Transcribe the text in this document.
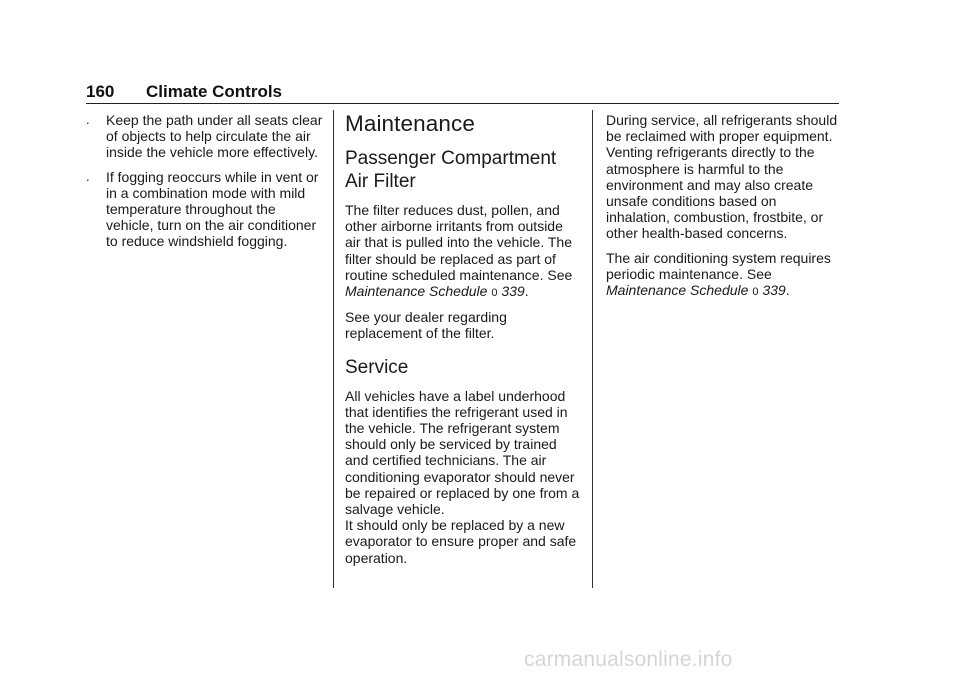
160 Climate Controls
. Keep the path under all seats clear of objects to help circulate the air inside the vehicle more effectively.
. If fogging reoccurs while in vent or in a combination mode with mild temperature throughout the vehicle, turn on the air conditioner to reduce windshield fogging.
Maintenance
Passenger Compartment Air Filter

The filter reduces dust, pollen, and other airborne irritants from outside air that is pulled into the vehicle. The filter should be replaced as part of routine scheduled maintenance. See Maintenance Schedule 0 339.

See your dealer regarding replacement of the filter.

Service

All vehicles have a label underhood that identifies the refrigerant used in the vehicle. The refrigerant system should only be serviced by trained and certified technicians. The air conditioning evaporator should never be repaired or replaced by one from a salvage vehicle.

It should only be replaced by a new evaporator to ensure proper and safe operation.

During service, all refrigerants should be reclaimed with proper equipment. Venting refrigerants directly to the atmosphere is harmful to the environment and may also create unsafe conditions based on inhalation, combustion, frostbite, or other health-based concerns.

The air conditioning system requires periodic maintenance. See Maintenance Schedule 0 339.

carmanualsonline.info
